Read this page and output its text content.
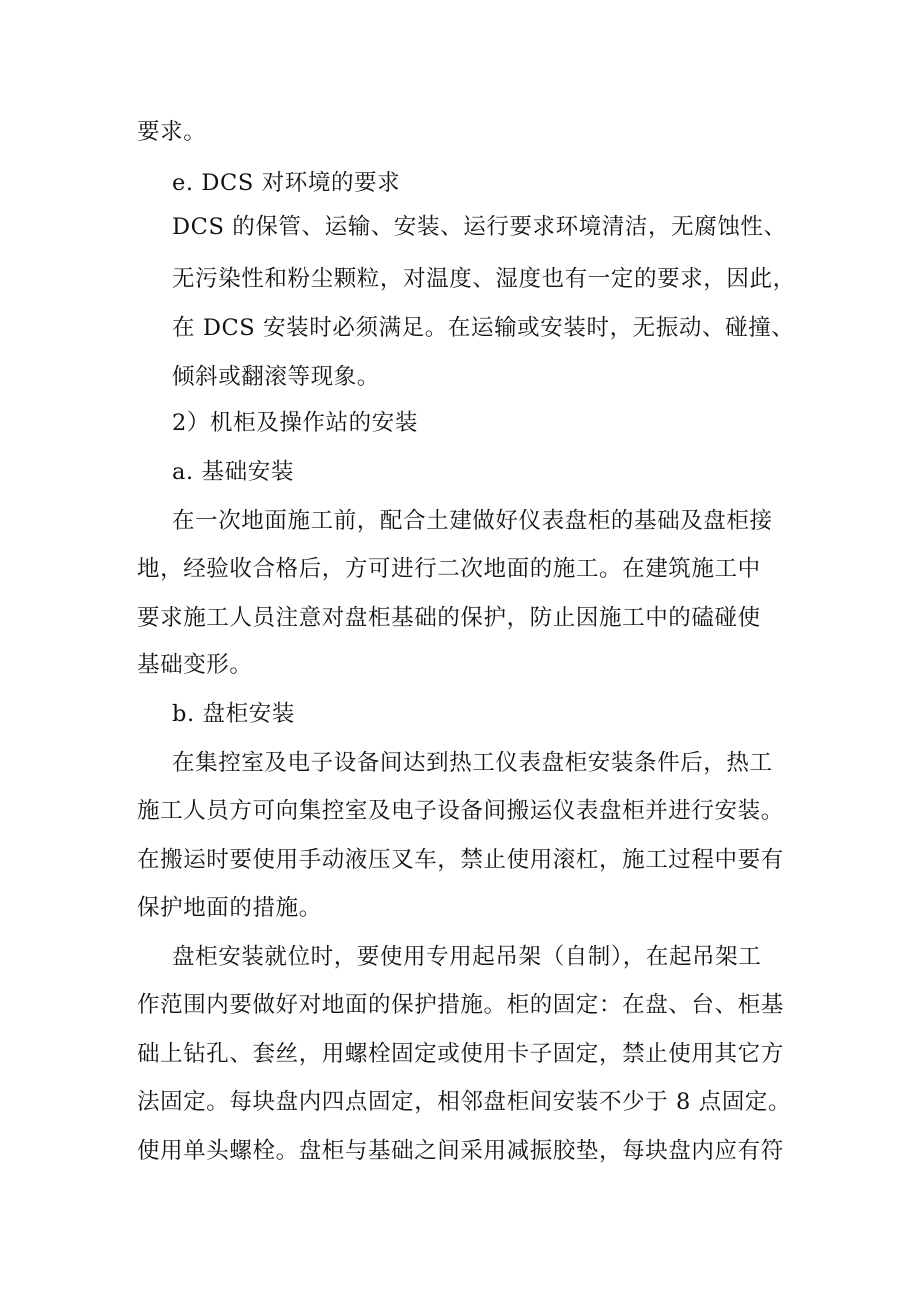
要求。
e. DCS 对环境的要求
DCS 的保管、运输、安装、运行要求环境清洁，无腐蚀性、
无污染性和粉尘颗粒，对温度、湿度也有一定的要求，因此，
在 DCS 安装时必须满足。在运输或安装时，无振动、碰撞、
倾斜或翻滚等现象。
2）机柜及操作站的安装
a. 基础安装
在一次地面施工前，配合土建做好仪表盘柜的基础及盘柜接
地，经验收合格后，方可进行二次地面的施工。在建筑施工中
要求施工人员注意对盘柜基础的保护，防止因施工中的磕碰使
基础变形。
b. 盘柜安装
在集控室及电子设备间达到热工仪表盘柜安装条件后，热工
施工人员方可向集控室及电子设备间搬运仪表盘柜并进行安装。
在搬运时要使用手动液压叉车，禁止使用滚杠，施工过程中要有
保护地面的措施。
盘柜安装就位时，要使用专用起吊架（自制），在起吊架工
作范围内要做好对地面的保护措施。柜的固定：在盘、台、柜基
础上钻孔、套丝，用螺栓固定或使用卡子固定，禁止使用其它方
法固定。每块盘内四点固定，相邻盘柜间安装不少于 8 点固定。
使用单头螺栓。盘柜与基础之间采用减振胶垫，每块盘内应有符
